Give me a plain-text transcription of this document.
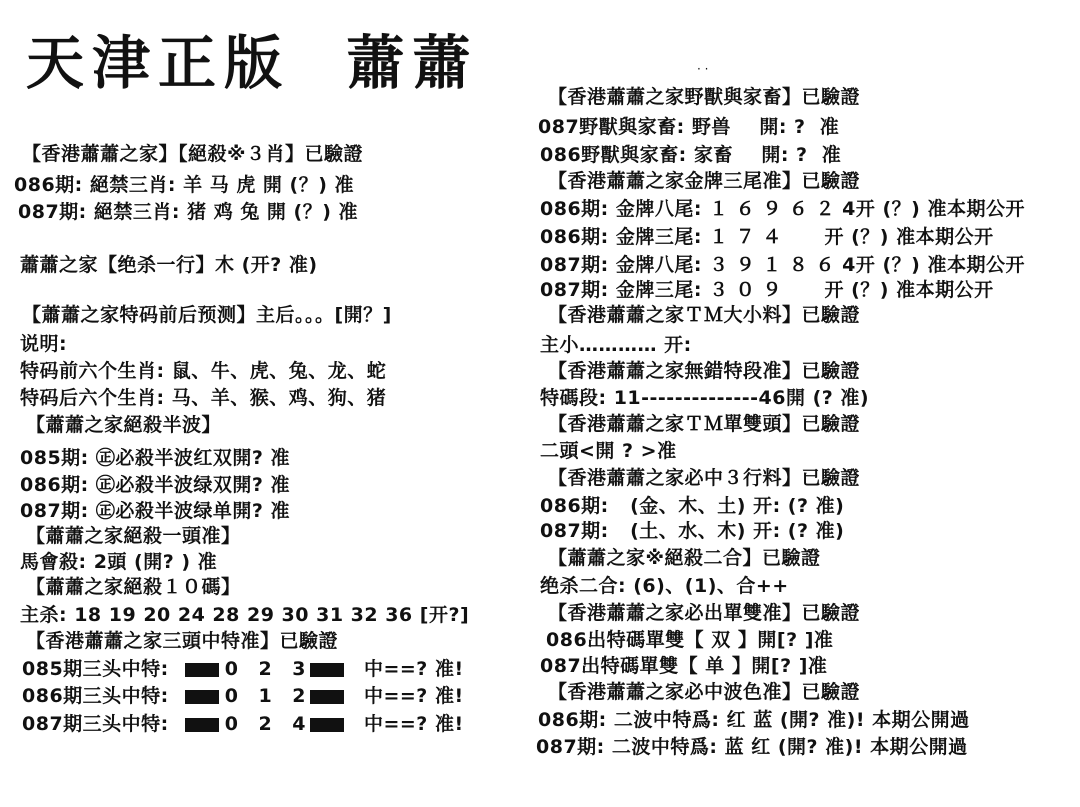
天津正版  蕭蕭	· ·
【香港蕭蕭之家】【絕殺※３肖】已驗證
086期: 絕禁三肖: 羊 马 虎 開 (？) 准
087期: 絕禁三肖: 猪 鸡 兔 開 (？) 准
蕭蕭之家【绝杀一行】木 (开? 准)
【蕭蕭之家特码前后预测】主后。。。[開？]
说明:
特码前六个生肖: 鼠、牛、虎、兔、龙、蛇
特码后六个生肖: 马、羊、猴、鸡、狗、猪
【蕭蕭之家絕殺半波】
085期: ㊣必殺半波红双開? 准
086期: ㊣必殺半波绿双開? 准
087期: ㊣必殺半波绿单開? 准
【蕭蕭之家絕殺一頭准】
馬會殺: 2頭 (開? ) 准
【蕭蕭之家絕殺１０碼】
主杀: 18 19 20 24 28 29 30 31 32 36 [开?]
【香港蕭蕭之家三頭中特准】已驗證
085期三头中特:	0 2 3	中==? 准!
086期三头中特:	0 1 2	中==? 准!
087期三头中特:	0 2 4	中==? 准!
【香港蕭蕭之家野獸與家畜】已驗證
087野獸與家畜: 野兽    開: ?  准
086野獸與家畜: 家畜    開: ?  准
【香港蕭蕭之家金牌三尾准】已驗證
086期: 金牌八尾: １ ６ ９ ６ ２ 4开 (？) 准本期公开
086期: 金牌三尾: １ ７ ４      开 (？) 准本期公开
087期: 金牌八尾: ３ ９ １ ８ ６ 4开 (？) 准本期公开
087期: 金牌三尾: ３ ０ ９      开 (？) 准本期公开
【香港蕭蕭之家ＴＭ大小料】已驗證
主小………… 开:
【香港蕭蕭之家無錯特段准】已驗證
特碼段: 11--------------46開 (? 准)
【香港蕭蕭之家ＴＭ單雙頭】已驗證
二頭<開 ? >准
【香港蕭蕭之家必中３行料】已驗證
086期:   (金、木、土) 开: (? 准)
087期:   (土、水、木) 开: (? 准)
【蕭蕭之家※絕殺二合】已驗證
绝杀二合: (6)、(1)、合++
【香港蕭蕭之家必出單雙准】已驗證
086出特碼單雙【 双 】開[? ]准
087出特碼單雙【 单 】開[? ]准
【香港蕭蕭之家必中波色准】已驗證
086期: 二波中特爲: 红 蓝 (開? 准)! 本期公開過
087期: 二波中特爲: 蓝 红 (開? 准)! 本期公開過
